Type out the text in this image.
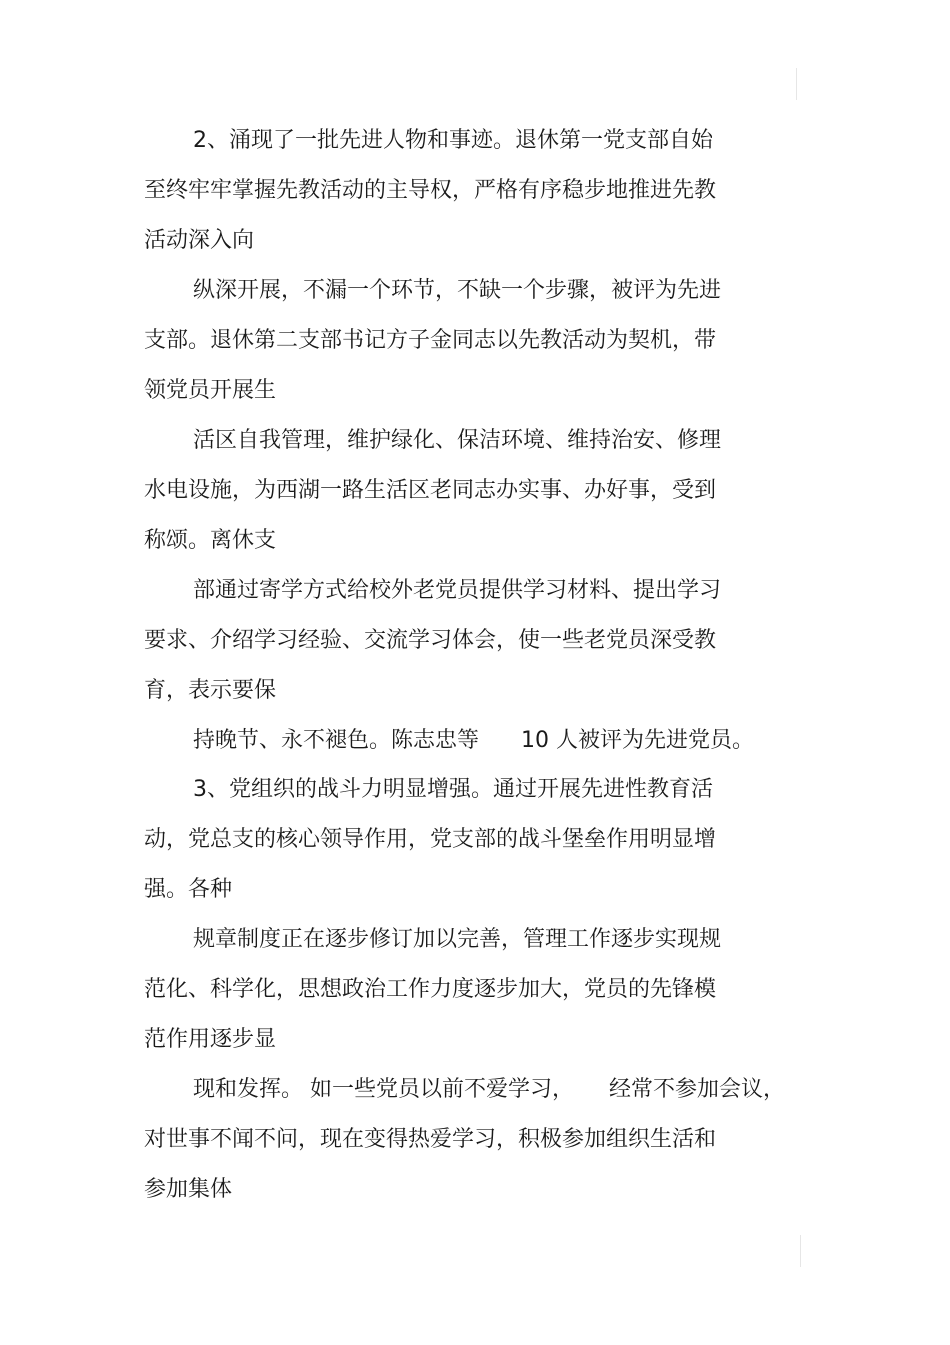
2、涌现了一批先进人物和事迹。退休第一党支部自始
至终牢牢掌握先教活动的主导权，严格有序稳步地推进先教
活动深入向
纵深开展，不漏一个环节，不缺一个步骤，被评为先进
支部。退休第二支部书记方子金同志以先教活动为契机，带
领党员开展生
活区自我管理，维护绿化、保洁环境、维持治安、修理
水电设施，为西湖一路生活区老同志办实事、办好事，受到
称颂。离休支
部通过寄学方式给校外老党员提供学习材料、提出学习
要求、介绍学习经验、交流学习体会，使一些老党员深受教
育，表示要保
持晚节、永不褪色。陈志忠等      10 人被评为先进党员。
3、党组织的战斗力明显增强。通过开展先进性教育活
动，党总支的核心领导作用，党支部的战斗堡垒作用明显增
强。各种
规章制度正在逐步修订加以完善，管理工作逐步实现规
范化、科学化，思想政治工作力度逐步加大，党员的先锋模
范作用逐步显
现和发挥。 如一些党员以前不爱学习，     经常不参加会议，
对世事不闻不问，现在变得热爱学习，积极参加组织生活和
参加集体
